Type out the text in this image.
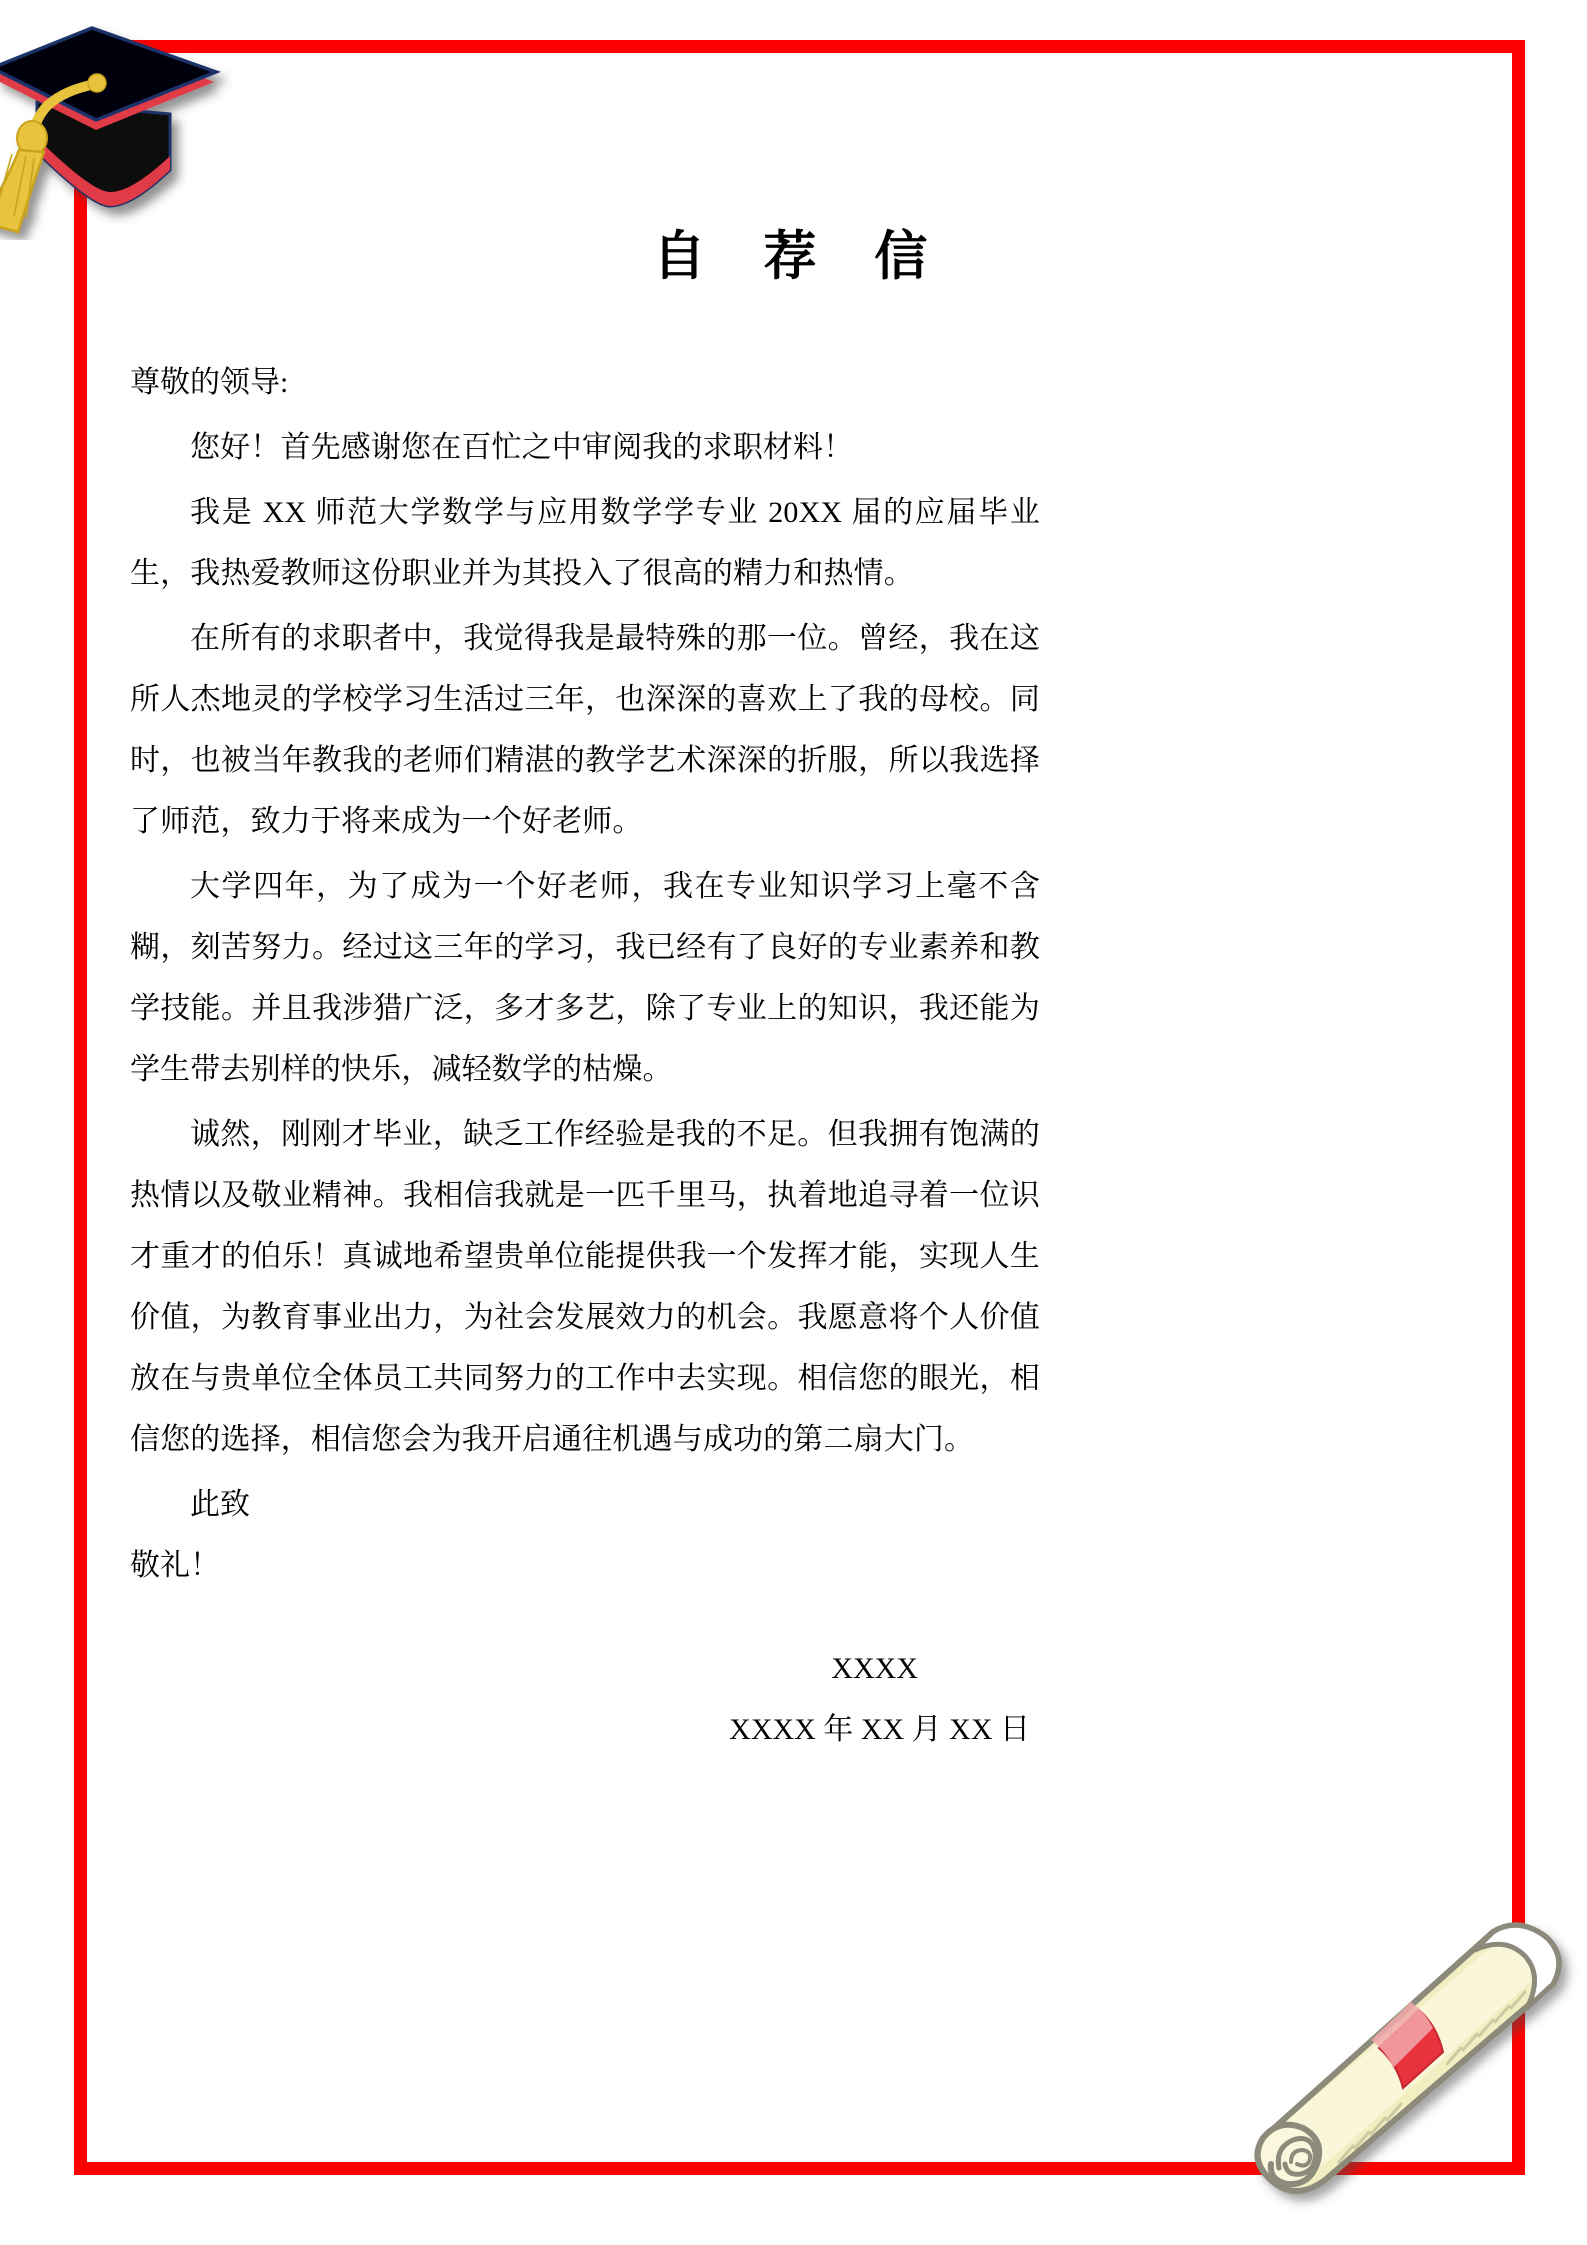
自 荐 信

尊敬的领导:

您好！首先感谢您在百忙之中审阅我的求职材料！

我是 XX 师范大学数学与应用数学学专业 20XX 届的应届毕业生，我热爱教师这份职业并为其投入了很高的精力和热情。

在所有的求职者中，我觉得我是最特殊的那一位。曾经，我在这所人杰地灵的学校学习生活过三年，也深深的喜欢上了我的母校。同时，也被当年教我的老师们精湛的教学艺术深深的折服，所以我选择了师范，致力于将来成为一个好老师。

大学四年，为了成为一个好老师，我在专业知识学习上毫不含糊，刻苦努力。经过这三年的学习，我已经有了良好的专业素养和教学技能。并且我涉猎广泛，多才多艺，除了专业上的知识，我还能为学生带去别样的快乐，减轻数学的枯燥。

诚然，刚刚才毕业，缺乏工作经验是我的不足。但我拥有饱满的热情以及敬业精神。我相信我就是一匹千里马，执着地追寻着一位识才重才的伯乐！真诚地希望贵单位能提供我一个发挥才能，实现人生价值，为教育事业出力，为社会发展效力的机会。我愿意将个人价值放在与贵单位全体员工共同努力的工作中去实现。相信您的眼光，相信您的选择，相信您会为我开启通往机遇与成功的第二扇大门。

此致

敬礼！

XXXX
XXXX 年 XX 月 XX 日
